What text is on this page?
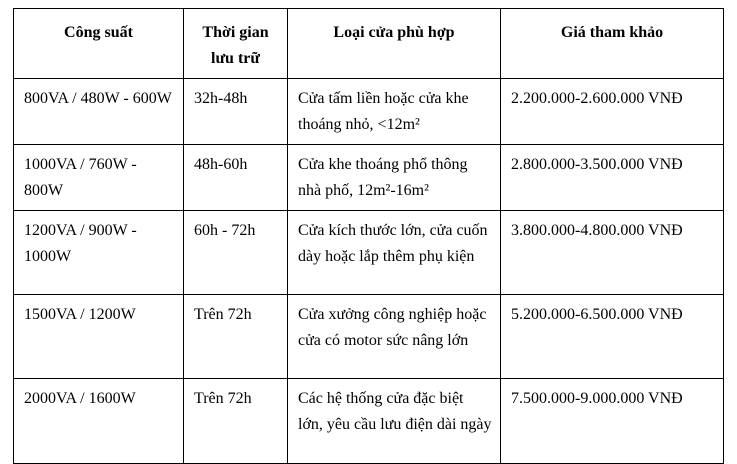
Công suất	Thời gian lưu trữ	Loại cửa phù hợp	Giá tham khảo
800VA / 480W - 600W	32h-48h	Cửa tấm liền hoặc cửa khe thoáng nhỏ, <12m²	2.200.000-2.600.000 VNĐ
1000VA / 760W - 800W	48h-60h	Cửa khe thoáng phổ thông nhà phố, 12m²-16m²	2.800.000-3.500.000 VNĐ
1200VA / 900W - 1000W	60h - 72h	Cửa kích thước lớn, cửa cuốn dày hoặc lắp thêm phụ kiện	3.800.000-4.800.000 VNĐ
1500VA / 1200W	Trên 72h	Cửa xưởng công nghiệp hoặc cửa có motor sức nâng lớn	5.200.000-6.500.000 VNĐ
2000VA / 1600W	Trên 72h	Các hệ thống cửa đặc biệt lớn, yêu cầu lưu điện dài ngày	7.500.000-9.000.000 VNĐ
